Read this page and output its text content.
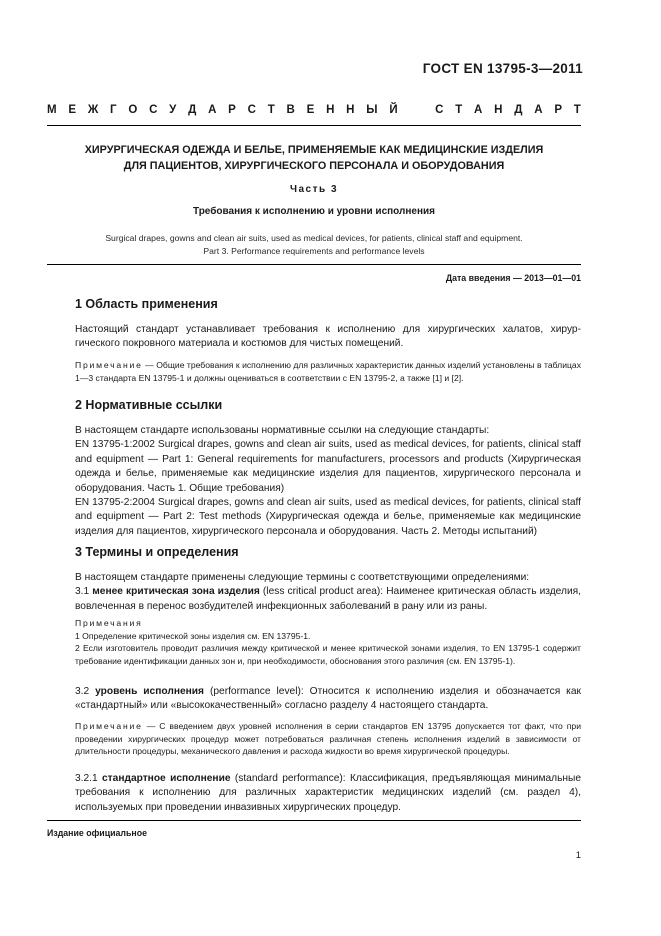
ГОСТ EN 13795-3—2011
М Е Ж Г О С У Д А Р С Т В Е Н Н Ы Й	С Т А Н Д А Р Т
ХИРУРГИЧЕСКАЯ ОДЕЖДА И БЕЛЬЕ, ПРИМЕНЯЕМЫЕ КАК МЕДИЦИНСКИЕ ИЗДЕЛИЯ
ДЛЯ ПАЦИЕНТОВ, ХИРУРГИЧЕСКОГО ПЕРСОНАЛА И ОБОРУДОВАНИЯ
Часть 3
Требования к исполнению и уровни исполнения
Surgical drapes, gowns and clean air suits, used as medical devices, for patients, clinical staff and equipment.
Part 3. Performance requirements and performance levels
Дата введения — 2013—01—01
1 Область применения

Настоящий стандарт устанавливает требования к исполнению для хирургических халатов, хирургического покровного материала и костюмов для чистых помещений.

Примечание — Общие требования к исполнению для различных характеристик данных изделий установлены в таблицах 1—3 стандарта EN 13795-1 и должны оцениваться в соответствии с EN 13795-2, а также [1] и [2].

2 Нормативные ссылки

В настоящем стандарте использованы нормативные ссылки на следующие стандарты:

EN 13795-1:2002 Surgical drapes, gowns and clean air suits, used as medical devices, for patients, clinical staff and equipment — Part 1: General requirements for manufacturers, processors and products (Хирургическая одежда и белье, применяемые как медицинские изделия для пациентов, хирургического персонала и оборудования. Часть 1. Общие требования)

EN 13795-2:2004 Surgical drapes, gowns and clean air suits, used as medical devices, for patients, clinical staff and equipment — Part 2: Test methods (Хирургическая одежда и белье, применяемые как медицинские изделия для пациентов, хирургического персонала и оборудования. Часть 2. Методы испытаний)

3 Термины и определения

В настоящем стандарте применены следующие термины с соответствующими определениями:

3.1 менее критическая зона изделия (less critical product area): Наименее критическая область изделия, вовлеченная в перенос возбудителей инфекционных заболеваний в рану или из раны.

Примечания

1 Определение критической зоны изделия см. EN 13795-1.

2 Если изготовитель проводит различия между критической и менее критической зонами изделия, то EN 13795-1 содержит требование идентификации данных зон и, при необходимости, обоснования этого различия (см. EN 13795-1).

3.2 уровень исполнения (performance level): Относится к исполнению изделия и обозначается как «стандартный» или «высококачественный» согласно разделу 4 настоящего стандарта.

Примечание — С введением двух уровней исполнения в серии стандартов EN 13795 допускается тот факт, что при проведении хирургических процедур может потребоваться различная степень исполнения изделий в зависимости от длительности процедуры, механического давления и расхода жидкости во время хирургической процедуры.

3.2.1 стандартное исполнение (standard performance): Классификация, предъявляющая минимальные требования к исполнению для различных характеристик медицинских изделий (см. раздел 4), используемых при проведении инвазивных хирургических процедур.

Издание официальное
1
